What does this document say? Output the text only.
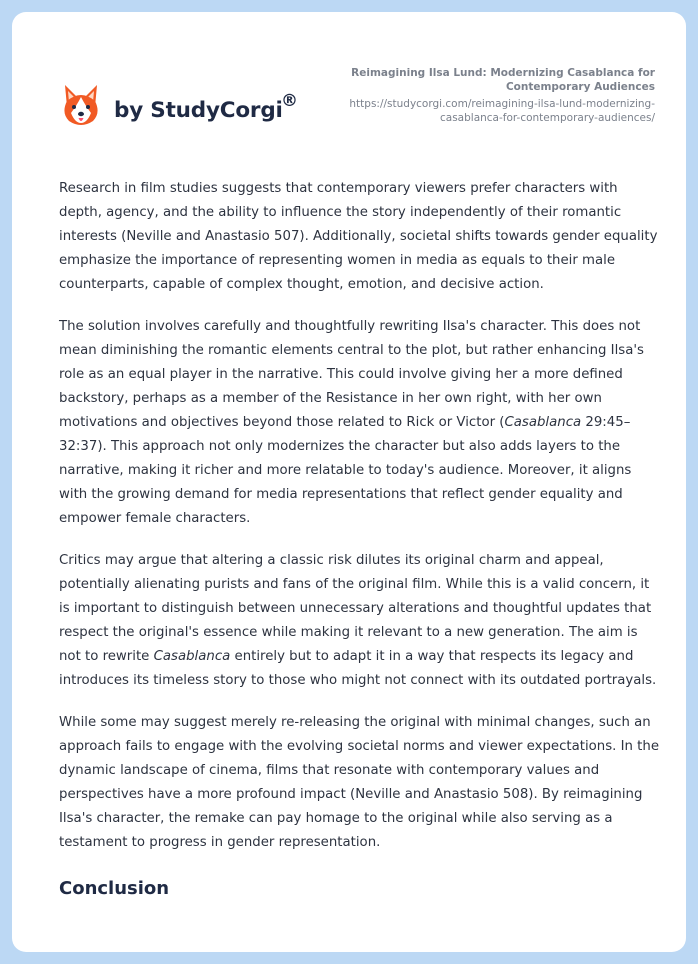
by StudyCorgi
®
Reimagining Ilsa Lund: Modernizing Casablanca for Contemporary Audiences
https://studycorgi.com/reimagining-ilsa-lund-modernizing-casablanca-for-contemporary-audiences/

Research in film studies suggests that contemporary viewers prefer characters with depth, agency, and the ability to influence the story independently of their romantic interests (Neville and Anastasio 507). Additionally, societal shifts towards gender equality emphasize the importance of representing women in media as equals to their male counterparts, capable of complex thought, emotion, and decisive action.

The solution involves carefully and thoughtfully rewriting Ilsa's character. This does not mean diminishing the romantic elements central to the plot, but rather enhancing Ilsa's role as an equal player in the narrative. This could involve giving her a more defined backstory, perhaps as a member of the Resistance in her own right, with her own motivations and objectives beyond those related to Rick or Victor (Casablanca 29:45–32:37). This approach not only modernizes the character but also adds layers to the narrative, making it richer and more relatable to today's audience. Moreover, it aligns with the growing demand for media representations that reflect gender equality and empower female characters.

Critics may argue that altering a classic risk dilutes its original charm and appeal, potentially alienating purists and fans of the original film. While this is a valid concern, it is important to distinguish between unnecessary alterations and thoughtful updates that respect the original's essence while making it relevant to a new generation. The aim is not to rewrite Casablanca entirely but to adapt it in a way that respects its legacy and introduces its timeless story to those who might not connect with its outdated portrayals.

While some may suggest merely re-releasing the original with minimal changes, such an approach fails to engage with the evolving societal norms and viewer expectations. In the dynamic landscape of cinema, films that resonate with contemporary values and perspectives have a more profound impact (Neville and Anastasio 508). By reimagining Ilsa's character, the remake can pay homage to the original while also serving as a testament to progress in gender representation.

Conclusion
